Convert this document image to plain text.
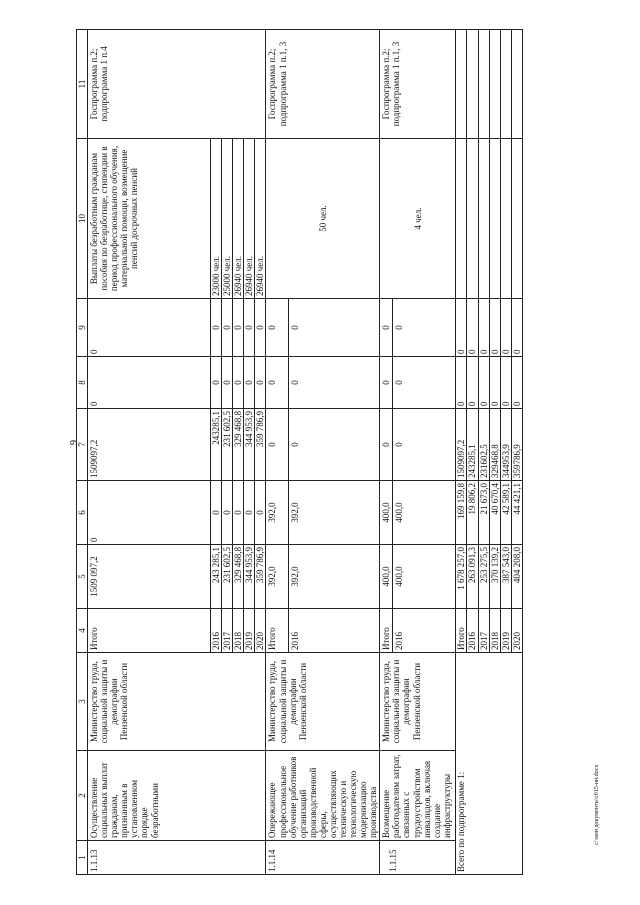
9
c:\мои документы\г015-ин.docx
1	2	3	4	5	6	7	8	9	10	11
1.1.13	Осуществление социальных выплат гражданам, признанным в установленном порядке безработными	Министерство труда, социальной защиты и демографии Пензенской области	Итого	1509 097,2	0	1509097,2	0	0	Выплаты безработным гражданам пособия по безработице, стипендии в период профессионального обучения, материальной помощи, возмещение пенсий досрочных пенсий	Госпрограмма п.2; подпрограмма 1 п.4
			2016	243 285,1	0	243285,1	0	0	23000 чел.	
			2017	231 602,5	0	231 602,5	0	0	25000 чел.	
			2018	329 468,8	0	329 468,8	0	0	26940 чел.	
			2019	344 953,9	0	344 953,9	0	0	26940 чел.	
			2020	359 786,9	0	359 786,9	0	0	26940 чел.	
1.1.14	Опережающее профессиональное обучение работников организаций производственной сферы, осуществляющих техническую и технологическую модернизацию производства	Министерство труда, социальной защиты и демографии Пензенской области	Итого	392,0	392,0	0	0	0	50 чел.	Госпрограмма п.2; подпрограмма 1 п.1, 3
			2016	392,0	392,0	0	0	0		
1.1.15	Возмещение работодателям затрат, связанных с трудоустройством инвалидов, включая создание инфраструктуры	Министерство труда, социальной защиты и демографии Пензенской области	Итого	400,0	400,0	0	0	0	4 чел.	Госпрограмма п.2; подпрограмма 1 п.1, 3
			2016	400,0	400,0	0	0	0		
Всего по подпрограмме 1:			Итого	1 678 257,0	169 159,8	1509097,2	0	0		
			2016	263 091,3	19 806,2	243285,1	0	0		
			2017	253 275,5	21 673,0	231602,5	0	0		
			2018	370 139,2	40 670,4	329468,8	0	0		
			2019	387 543,0	42 589,1	344953,9	0	0		
			2020	404 208,0	44 421,1	359786,9	0	0		
